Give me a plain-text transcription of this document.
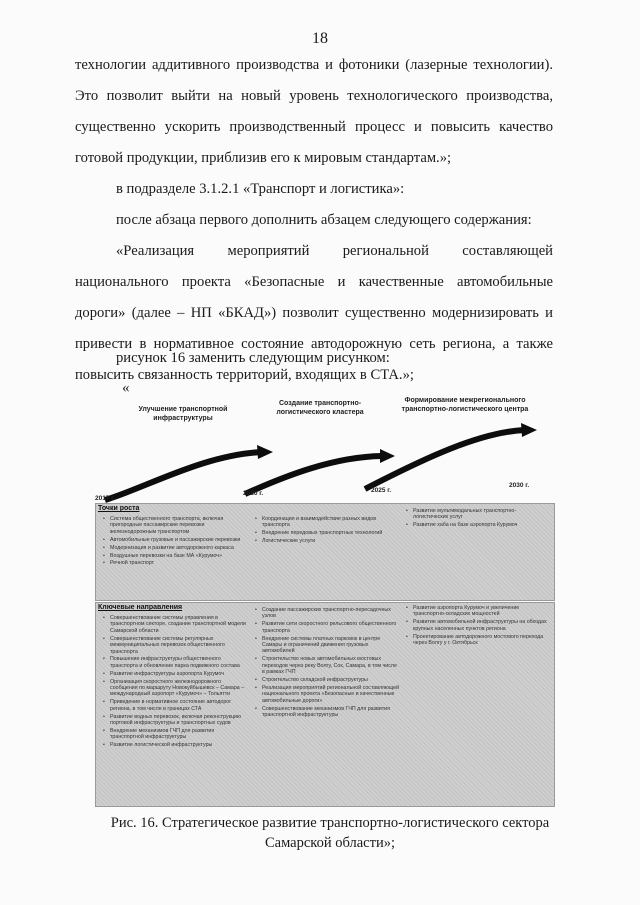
18
технологии аддитивного производства и фотоники (лазерные технологии). Это позволит выйти на новый уровень технологического производства, существенно ускорить производственный процесс и повысить качество готовой продукции, приблизив его к мировым стандартам.»;
в подразделе 3.1.2.1 «Транспорт и логистика»:
после абзаца первого дополнить абзацем следующего содержания:
«Реализация мероприятий региональной составляющей национального проекта «Безопасные и качественные автомобильные дороги» (далее – НП «БКАД») позволит существенно модернизировать и привести в нормативное состояние автодорожную сеть региона, а также повысить связанность территорий, входящих в СТА.»;
рисунок 16 заменить следующим рисунком:
«
Улучшение транспортной инфраструктуры
Создание транспортно-логистического кластера
Формирование межрегионального транспортно-логистического центра
2017 г.
2020 г.	2025 г.
2030 г.
Точки роста
• Система общественного транспорта, включая пригородные пассажирские перевозки железнодорожным транспортом
• Автомобильные грузовые и пассажирские перевозки
• Модернизация и развитие автодорожного каркаса
• Воздушные перевозки на базе МА «Курумоч»
• Речной транспорт
• Координация и взаимодействие разных видов транспорта
• Внедрение передовых транспортных технологий
• Логистические услуги
• Развитие мультимодальных транспортно-логистических услуг
• Развитие хаба на базе аэропорта Курумоч
Ключевые направления
• Совершенствование системы управления в транспортном секторе, создание транспортной модели Самарской области
• Совершенствование системы регулярных межмуниципальных перевозок общественного транспорта
• Повышение инфраструктуры общественного транспорта и обновление парка подвижного состава
• Развитие инфраструктуры аэропорта Курумоч
• Организация скоростного железнодорожного сообщения по маршруту Новокуйбышевск – Самара – международный аэропорт «Курумоч» – Тольятти
• Приведение в нормативное состояние автодорог региона, в том числе в границах СТА
• Развитие водных перевозок, включая реконструкцию портовой инфраструктуры и транспортных судов
• Внедрение механизмов ГЧП для развития транспортной инфраструктуры
• Развитие логистической инфраструктуры
• Создание пассажирских транспортно-пересадочных узлов
• Развитие сети скоростного рельсового общественного транспорта
• Внедрение системы платных парковок в центре Самары и ограничений движения грузовых автомобилей
• Строительство новых автомобильных мостовых переходов через реку Волгу, Сок, Самара, в том числе в рамках ГЧП
• Строительство складской инфраструктуры
• Реализация мероприятий региональной составляющей национального проекта «Безопасные и качественные автомобильные дороги»
• Совершенствование механизмов ГЧП для развития транспортной инфраструктуры
• Развитие аэропорта Курумоч и увеличение транспортно-складских мощностей
• Развитие автомобильной инфраструктуры на обходах крупных населенных пунктов региона
• Проектирование автодорожного мостового перехода через Волгу у г. Октябрьск
Рис. 16. Стратегическое развитие транспортно-логистического сектора Самарской области»;
